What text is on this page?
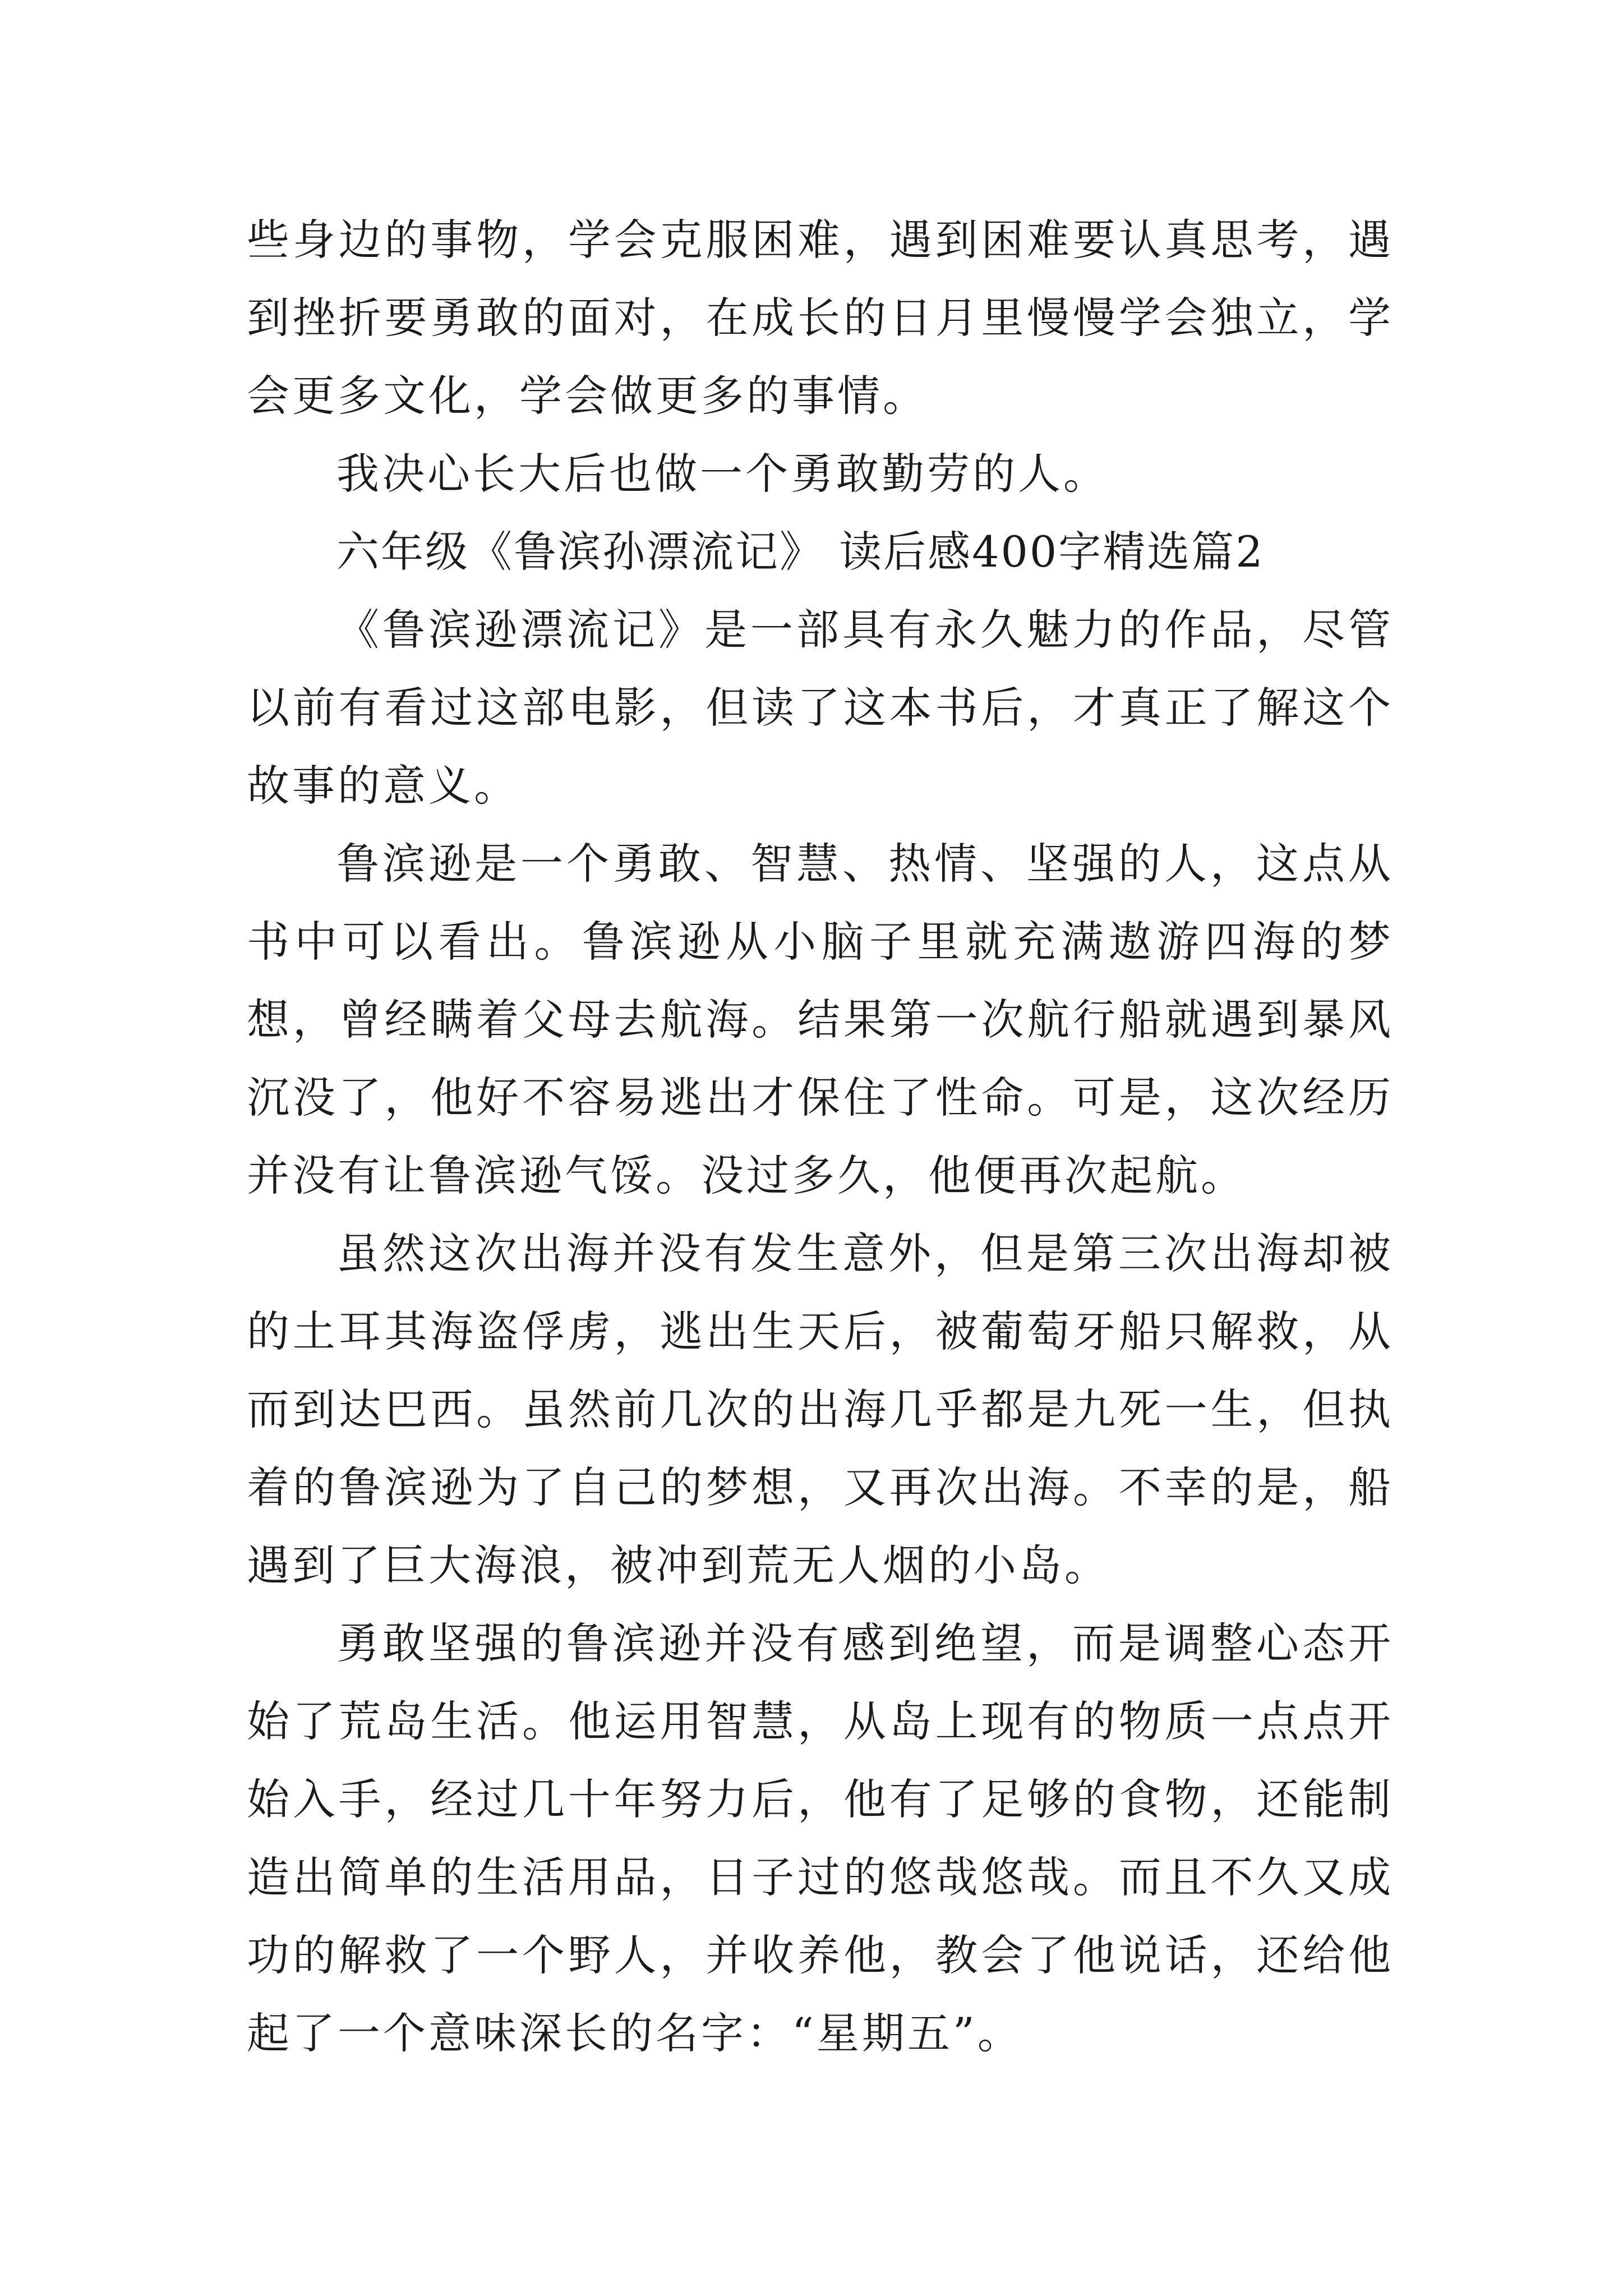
些身边的事物，学会克服困难，遇到困难要认真思考，遇到挫折要勇敢的面对，在成长的日月里慢慢学会独立，学会更多文化，学会做更多的事情。

我决心长大后也做一个勇敢勤劳的人。

六年级《鲁滨孙漂流记》 读后感400字精选篇2

《鲁滨逊漂流记》是一部具有永久魅力的作品，尽管以前有看过这部电影，但读了这本书后，才真正了解这个故事的意义。

鲁滨逊是一个勇敢、智慧、热情、坚强的人，这点从书中可以看出。鲁滨逊从小脑子里就充满遨游四海的梦想，曾经瞒着父母去航海。结果第一次航行船就遇到暴风沉没了，他好不容易逃出才保住了性命。可是，这次经历并没有让鲁滨逊气馁。没过多久，他便再次起航。

虽然这次出海并没有发生意外，但是第三次出海却被的土耳其海盗俘虏，逃出生天后，被葡萄牙船只解救，从而到达巴西。虽然前几次的出海几乎都是九死一生，但执着的鲁滨逊为了自己的梦想，又再次出海。不幸的是，船遇到了巨大海浪，被冲到荒无人烟的小岛。

勇敢坚强的鲁滨逊并没有感到绝望，而是调整心态开始了荒岛生活。他运用智慧，从岛上现有的物质一点点开始入手，经过几十年努力后，他有了足够的食物，还能制造出简单的生活用品，日子过的悠哉悠哉。而且不久又成功的解救了一个野人，并收养他，教会了他说话，还给他起了一个意味深长的名字：“星期五”。
